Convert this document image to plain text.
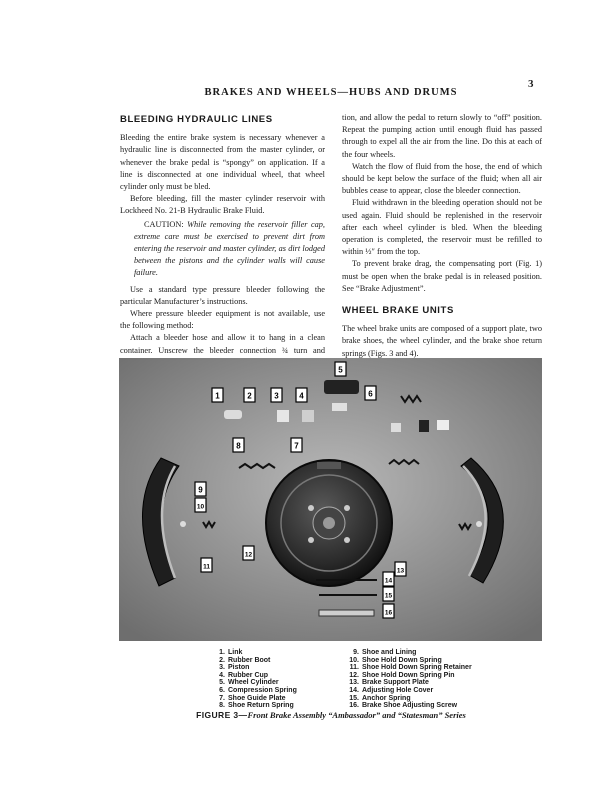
3
BRAKES AND WHEELS—HUBS AND DRUMS

BLEEDING HYDRAULIC LINES

Bleeding the entire brake system is necessary whenever a hydraulic line is disconnected from the master cylinder, or whenever the brake pedal is “spongy” on application. If a line is disconnected at one individual wheel, that wheel cylinder only must be bled.

Before bleeding, fill the master cylinder reservoir with Lockheed No. 21-B Hydraulic Brake Fluid.

CAUTION: While removing the reservoir filler cap, extreme care must be exercised to prevent dirt from entering the reservoir and master cylinder, as dirt lodged between the pistons and the cylinder walls will cause failure.

Use a standard type pressure bleeder following the particular Manufacturer’s instructions.

Where pressure bleeder equipment is not available, use the following method:

Attach a bleeder hose and allow it to hang in a clean container. Unscrew the bleeder connection ¾ turn and

tion, and allow the pedal to return slowly to “off” position. Repeat the pumping action until enough fluid has passed through to expel all the air from the line. Do this at each of the four wheels.

Watch the flow of fluid from the hose, the end of which should be kept below the surface of the fluid; when all air bubbles cease to appear, close the bleeder connection.

Fluid withdrawn in the bleeding operation should not be used again. Fluid should be replenished in the reservoir after each wheel cylinder is bled. When the bleeding operation is completed, the reservoir must be refilled to within ½″ from the top.

To prevent brake drag, the compensating port (Fig. 1) must be open when the brake pedal is in released position. See “Brake Adjustment”.

WHEEL BRAKE UNITS

The wheel brake units are composed of a support plate, two brake shoes, the wheel cylinder, and the brake shoe return springs (Figs. 3 and 4).

1	2	3	4
5
6
7
8
9
10
11
12
13
14
15
16
1. Link
2. Rubber Boot
3. Piston
4. Rubber Cup
5. Wheel Cylinder
6. Compression Spring
7. Shoe Guide Plate
8. Shoe Return Spring
9. Shoe and Lining
10. Shoe Hold Down Spring
11. Shoe Hold Down Spring Retainer
12. Shoe Hold Down Spring Pin
13. Brake Support Plate
14. Adjusting Hole Cover
15. Anchor Spring
16. Brake Shoe Adjusting Screw
FIGURE 3—Front Brake Assembly “Ambassador” and “Statesman” Series
